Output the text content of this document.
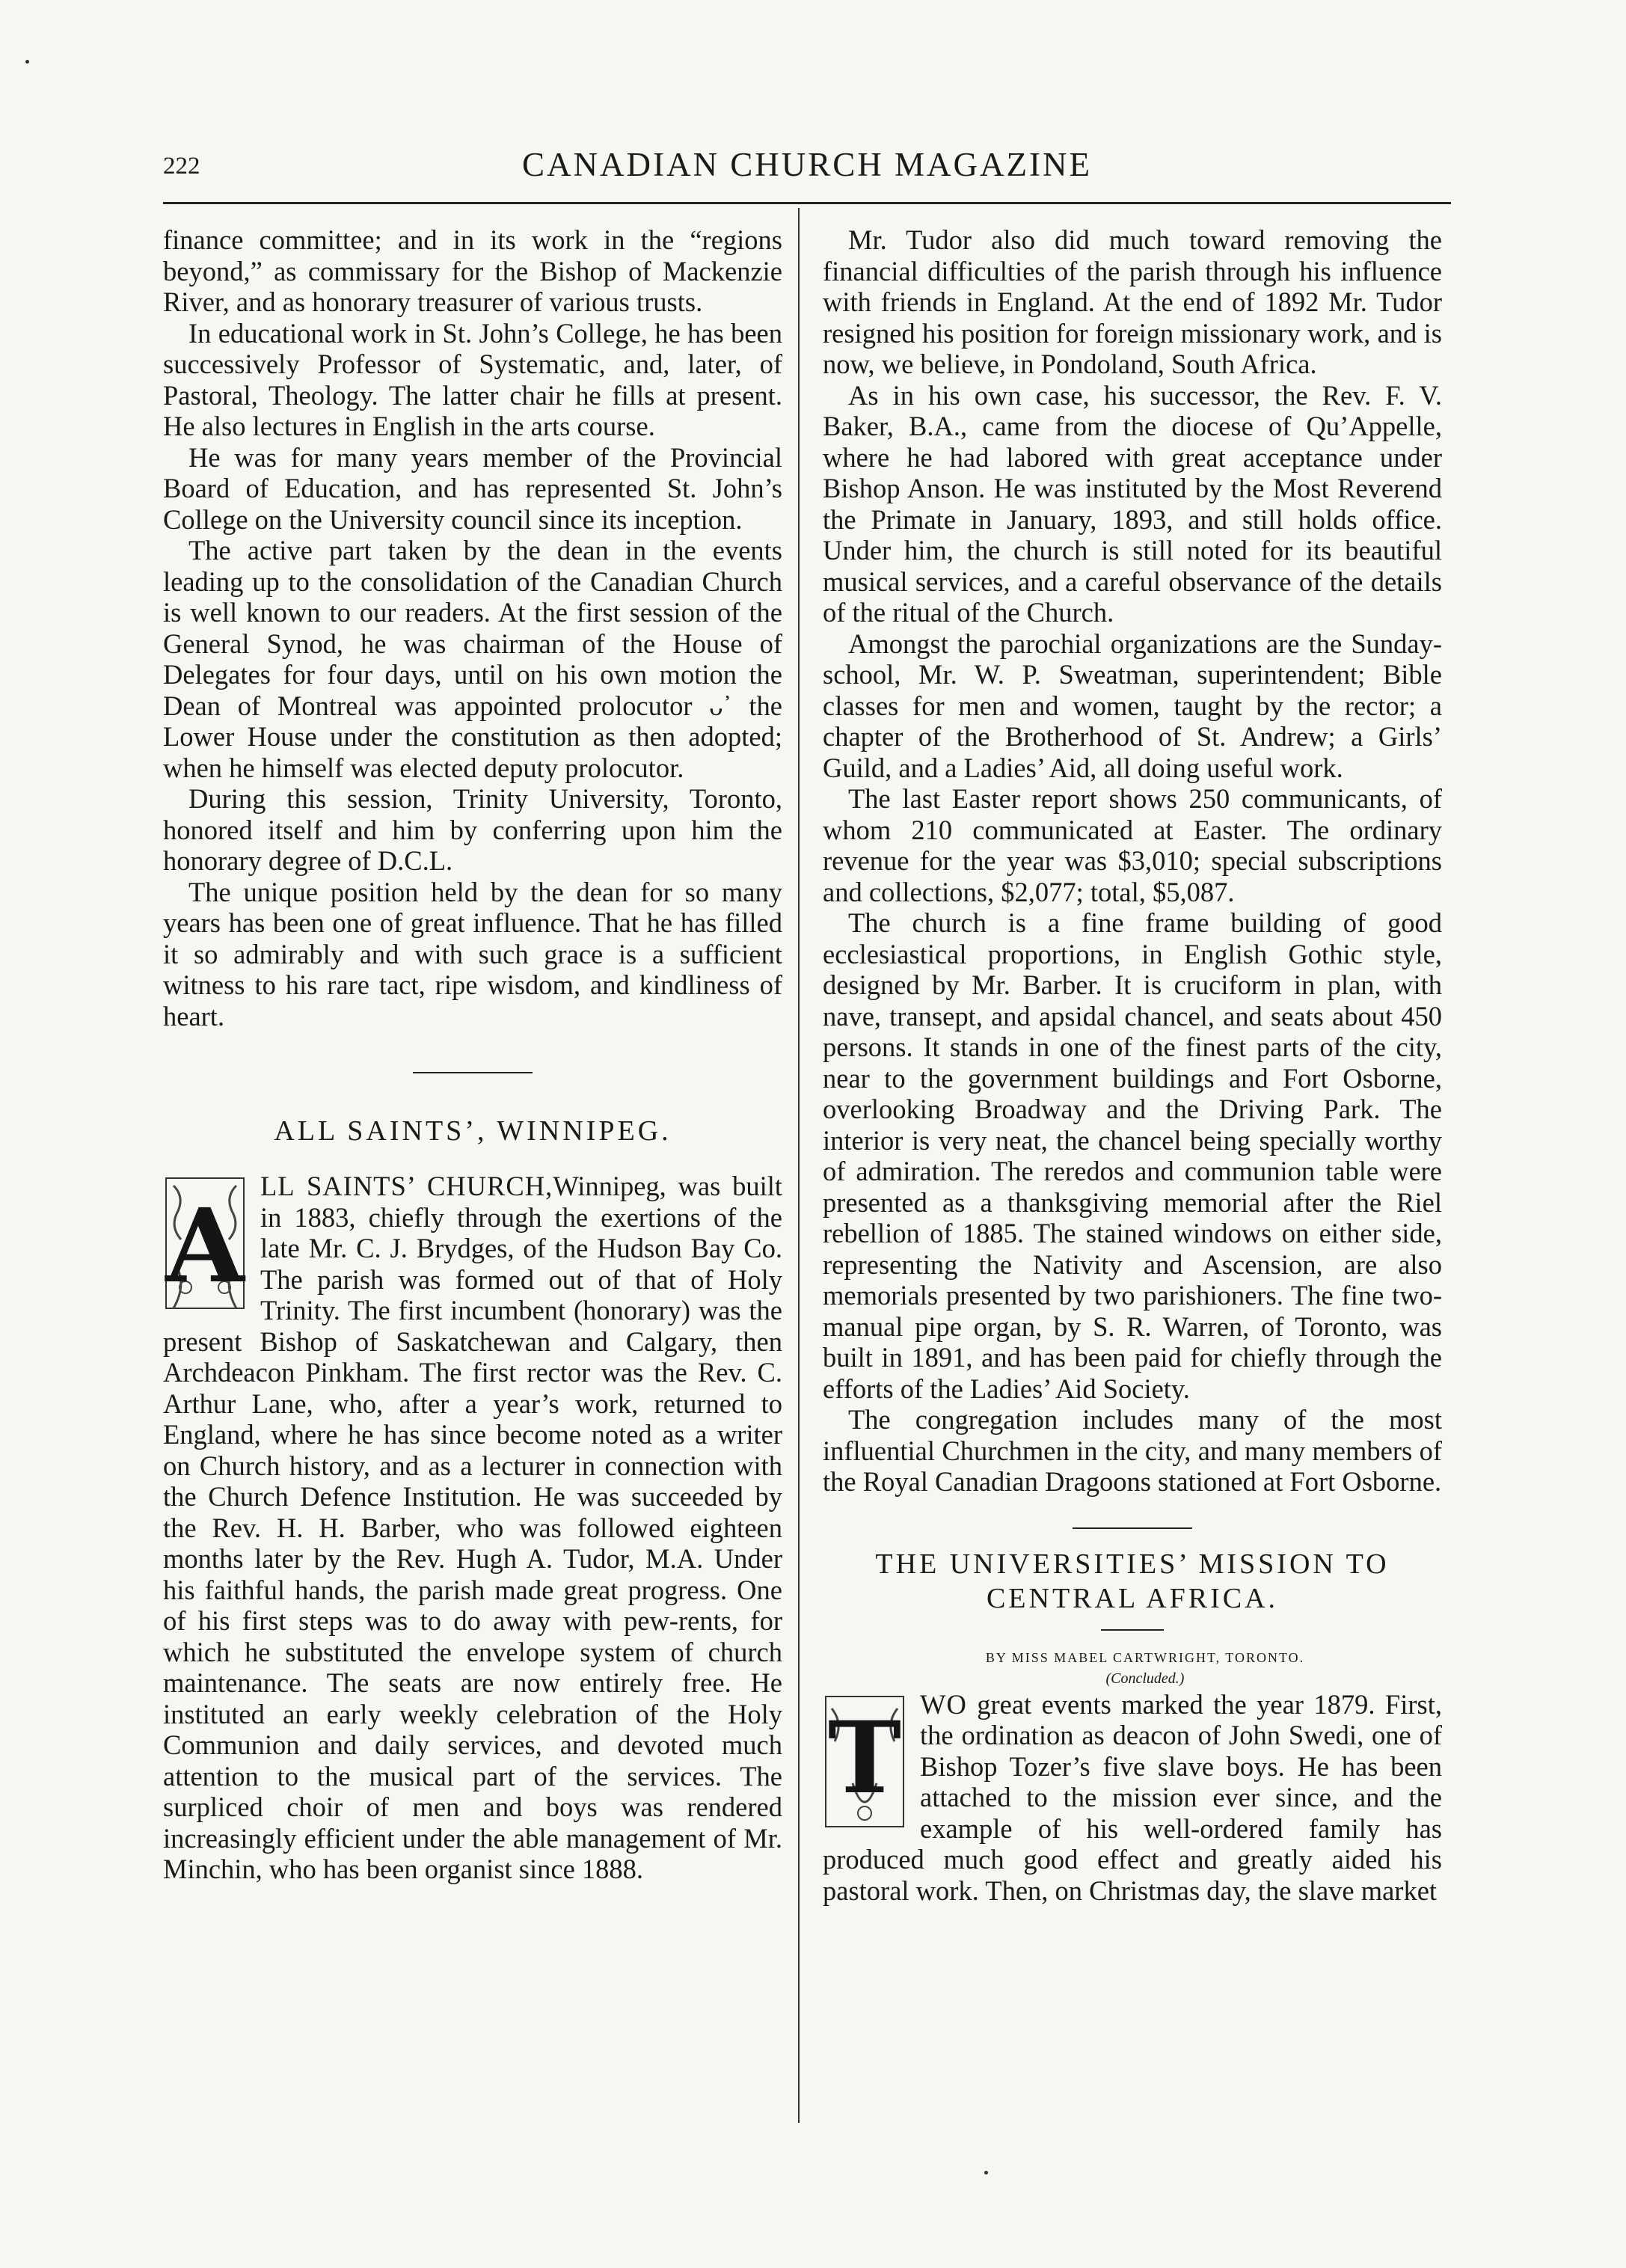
222	CANADIAN CHURCH MAGAZINE

finance committee; and in its work in the “regions beyond,” as commissary for the Bishop of Mackenzie River, and as honorary treasurer of various trusts.

In educational work in St. John’s College, he has been successively Professor of Systematic, and, later, of Pastoral, Theology. The latter chair he fills at present. He also lectures in English in the arts course.

He was for many years member of the Provincial Board of Education, and has represented St. John’s College on the University council since its inception.

The active part taken by the dean in the events leading up to the consolidation of the Canadian Church is well known to our readers. At the first session of the General Synod, he was chairman of the House of Delegates for four days, until on his own motion the Dean of Montreal was appointed prolocutor ᴗ᾿ the Lower House under the constitution as then adopted; when he himself was elected deputy prolocutor.

During this session, Trinity University, Toronto, honored itself and him by conferring upon him the honorary degree of D.C.L.

The unique position held by the dean for so many years has been one of great influence. That he has filled it so admirably and with such grace is a sufficient witness to his rare tact, ripe wisdom, and kindliness of heart.

ALL SAINTS’, WINNIPEG.

A
LL SAINTS’ CHURCH,Winnipeg, was built in 1883, chiefly through the exertions of the late Mr. C. J. Brydges, of the Hudson Bay Co. The parish was formed out of that of Holy Trinity. The first incumbent (honorary) was the present Bishop of Saskatchewan and Calgary, then Archdeacon Pinkham. The first rector was the Rev. C. Arthur Lane, who, after a year’s work, returned to England, where he has since become noted as a writer on Church history, and as a lecturer in connection with the Church Defence Institution. He was succeeded by the Rev. H. H. Barber, who was followed eighteen months later by the Rev. Hugh A. Tudor, M.A. Under his faithful hands, the parish made great progress. One of his first steps was to do away with pew-rents, for which he substituted the envelope system of church maintenance. The seats are now entirely free. He instituted an early weekly celebration of the Holy Communion and daily services, and devoted much attention to the musical part of the services. The surpliced choir of men and boys was rendered increasingly efficient under the able management of Mr. Minchin, who has been organist since 1888.

Mr. Tudor also did much toward removing the financial difficulties of the parish through his influence with friends in England. At the end of 1892 Mr. Tudor resigned his position for foreign missionary work, and is now, we believe, in Pondoland, South Africa.

As in his own case, his successor, the Rev. F. V. ﻿Baker, B.A., came from the diocese of Qu’Appelle, where he had labored with great acceptance under Bishop Anson. He was instituted by the Most Reverend the Primate in January, 1893, and still holds office. Under him, the church is still noted for its beautiful musical services, and a careful observance of the details of the ritual of the Church.

Amongst the parochial organizations are the Sunday-school, Mr. W. P. Sweatman, superintendent; Bible classes for men and women, taught by the rector; a chapter of the Brotherhood of St. Andrew; a Girls’ Guild, and a Ladies’ Aid, all doing useful work.

The last Easter report shows 250 communicants, of whom 210 communicated at Easter. The ordinary revenue for the year was $3,010; special subscriptions and collections, $2,077; total, $5,087.

The church is a fine frame building of good ecclesiastical proportions, in English Gothic style, designed by Mr. Barber. It is cruciform in plan, with nave, transept, and apsidal chancel, and seats about 450 persons. It stands in one of the finest parts of the city, near to the government buildings and Fort Osborne, overlooking Broadway and the Driving Park. The interior is very neat, the chancel being specially worthy of admiration. The reredos and communion table were presented as a thanksgiving memorial after the Riel rebellion of 1885. The stained windows on either side, representing the Nativity and Ascension, are also memorials presented by two parishioners. The fine two-manual pipe organ, by S. R. Warren, of Toronto, was built in 1891, and has been paid for chiefly through the efforts of the Ladies’ Aid Society.

The congregation includes many of the most influential Churchmen in the city, and many members of the Royal Canadian Dragoons stationed at Fort Osborne.

THE UNIVERSITIES’ MISSION TO CENTRAL AFRICA.

BY MISS MABEL CARTWRIGHT, TORONTO.

(Concluded.)

T WO great events marked the year 1879. First, the ordination as deacon of John Swedi, one of Bishop Tozer’s five slave boys. He has been attached to the mission ever since, and the example of his well-ordered family has produced much good effect and greatly aided his pastoral work. Then, on Christmas day, the slave market
